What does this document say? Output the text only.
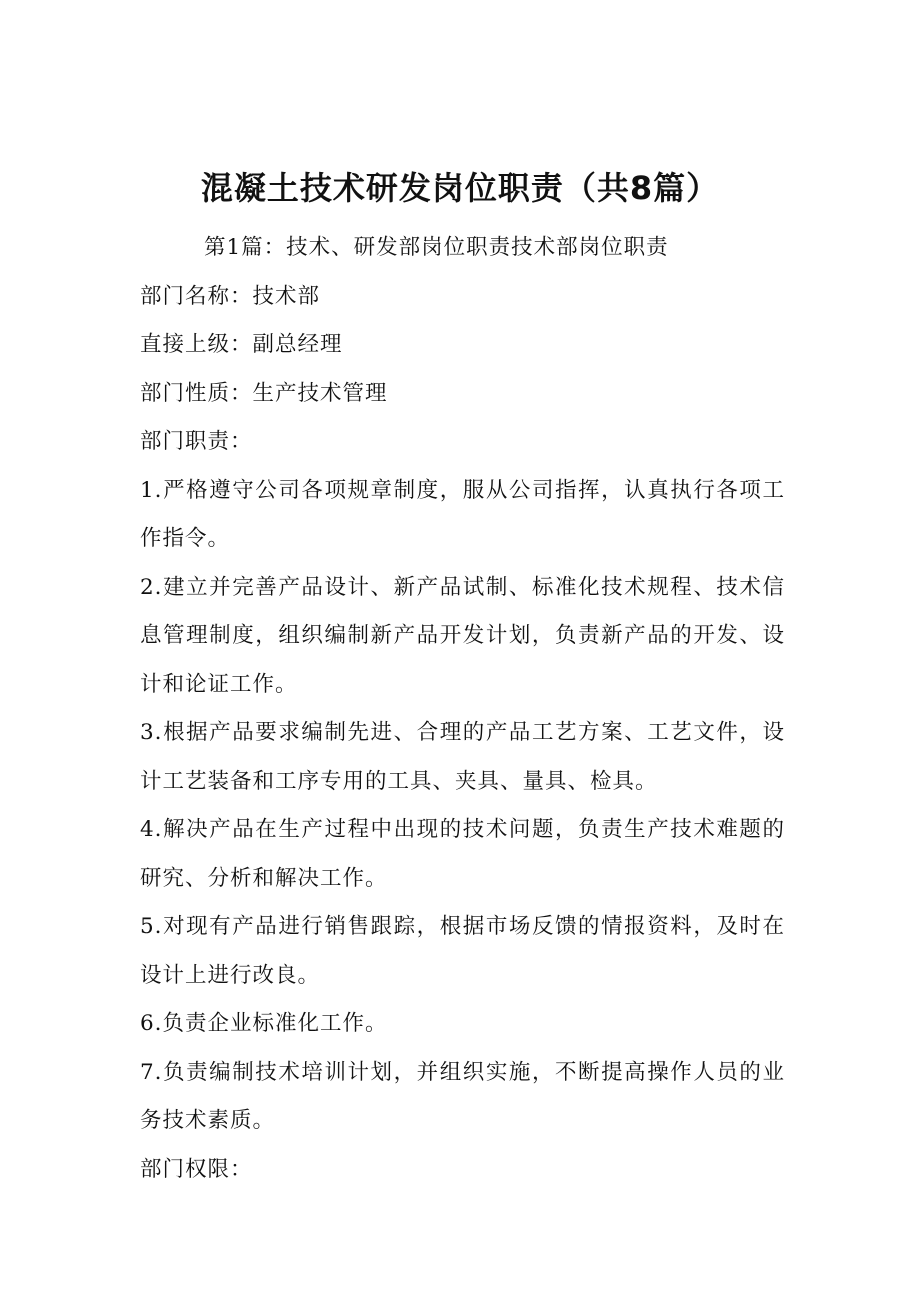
混凝土技术研发岗位职责（共8篇）

第1篇：技术、研发部岗位职责技术部岗位职责

部门名称：技术部

直接上级：副总经理

部门性质：生产技术管理

部门职责：

1.严格遵守公司各项规章制度，服从公司指挥，认真执行各项工作指令。

2.建立并完善产品设计、新产品试制、标准化技术规程、技术信息管理制度，组织编制新产品开发计划，负责新产品的开发、设计和论证工作。

3.根据产品要求编制先进、合理的产品工艺方案、工艺文件，设计工艺装备和工序专用的工具、夹具、量具、检具。

4.解决产品在生产过程中出现的技术问题，负责生产技术难题的研究、分析和解决工作。

5.对现有产品进行销售跟踪，根据市场反馈的情报资料，及时在设计上进行改良。

6.负责企业标准化工作。

7.负责编制技术培训计划，并组织实施，不断提高操作人员的业务技术素质。

部门权限：
